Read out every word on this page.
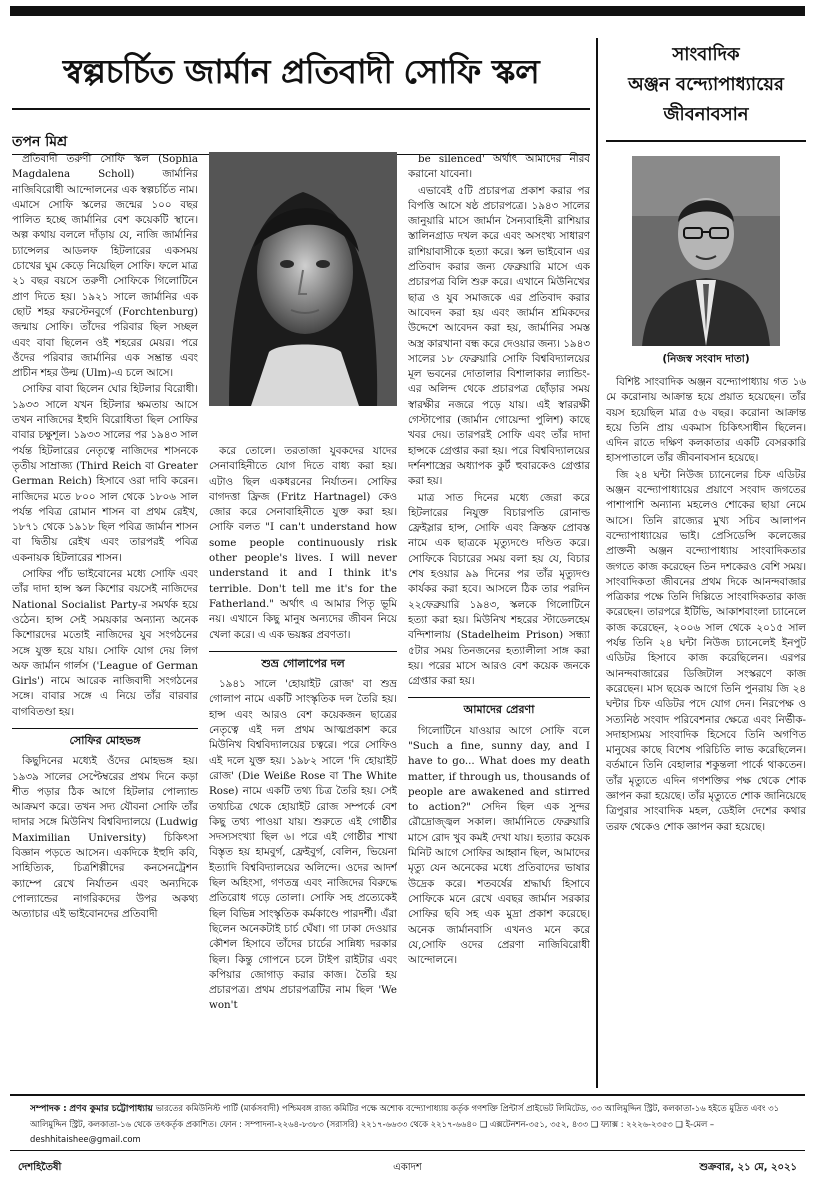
স্বল্পচর্চিত জার্মান প্রতিবাদী সোফি স্কল
তপন মিশ্র

প্রতিবাদী তরুণী সোফি স্কল (Sophia Magdalena Scholl) জার্মানির নাজিবিরোধী আন্দোলনের এক স্বল্পচর্চিত নাম। এমাসে সোফি স্কলের জন্মের ১০০ বছর পালিত হচ্ছে জার্মানির বেশ কয়েকটি স্থানে। অল্প কথায় বললে দাঁড়ায় যে, নাজি জার্মানির চ্যান্সেলর আডলফ হিটলারের একসময় চোখের ঘুম কেড়ে নিয়েছিল সোফি। ফলে মাত্র ২১ বছর বয়সে তরুণী সোফিকে গিলোটিনে প্রাণ দিতে হয়। ১৯২১ সালে জার্মানির এক ছোট শহর ফরস্টেনবুর্গে (Forchtenburg) জন্মায় সোফি। তাঁদের পরিবার ছিল সচ্ছল এবং বাবা ছিলেন ওই শহরের মেয়র। পরে ওঁদের পরিবার জার্মানির এক সম্ভ্রান্ত এবং প্রাচীন শহর উল্ম (Ulm)-এ চলে আসে।

সোফির বাবা ছিলেন ঘোর হিটলার বিরোধী। ১৯৩৩ সালে যখন হিটলার ক্ষমতায় আসে তখন নাজিদের ইহুদি বিরোধিতা ছিল সোফির বাবার চক্ষুশূল। ১৯৩৩ সালের পর ১৯৪৩ সাল পর্যন্ত হিটলারের নেতৃত্বে নাজিদের শাসনকে তৃতীয় সাম্রাজ্য (Third Reich বা Greater German Reich) হিসাবে ওরা দাবি করেন। নাজিদের মতে ৮০০ সাল থেকে ১৮০৬ সাল পর্যন্ত পবিত্র রোমান শাসন বা প্রথম রেইখ, ১৮৭১ থেকে ১৯১৮ ছিল পবিত্র জার্মান শাসন বা দ্বিতীয় রেইখ এবং তারপরই পবিত্র একনায়ক হিটলারের শাসন।

সোফির পাঁচ ভাইবোনের মধ্যে সোফি এবং তাঁর দাদা হান্স স্কল কিশোর বয়সেই নাজিদের National Socialist Party-র সমর্থক হয়ে ওঠেন। হান্স সেই সময়কার অন্যান্য অনেক কিশোরদের মতোই নাজিদের যুব সংগঠনের সঙ্গে যুক্ত হয়ে যায়। সোফি যোগ দেয় লিগ অফ জার্মান গার্লস ('League of German Girls') নামে আরেক নাজিবাদী সংগঠনের সঙ্গে। বাবার সঙ্গে এ নিয়ে তাঁর বারবার বাগবিতণ্ডা হয়।

সোফির মোহভঙ্গ

কিছুদিনের মধ্যেই ওঁদের মোহভঙ্গ হয়। ১৯৩৯ সালের সেপ্টেম্বরের প্রথম দিনে কড়া শীত পড়ার ঠিক আগে হিটলার পোল্যান্ড আক্রমণ করে। তখন সদ্য যৌবনা সোফি তাঁর দাদার সঙ্গে মিউনিখ বিশ্ববিদ্যালয়ে (Ludwig Maximilian University) চিকিৎসা বিজ্ঞান পড়তে আসেন। একদিকে ইহুদি কবি, সাহিত্যিক, চিত্রশিল্পীদের কনসেনট্রেশন ক্যাম্পে রেখে নির্যাতন এবং অন্যদিকে পোল্যান্ডের নাগরিকদের উপর অকথ্য অত্যাচার এই ভাইবোনদের প্রতিবাদী

করে তোলে। তরতাজা যুবকদের যাদের সেনাবাহিনীতে যোগ দিতে বাধ্য করা হয়। এটাও ছিল একধরনের নির্যাতন। সোফির বাগদত্তা ফ্রিজ (Fritz Hartnagel) কেও জোর করে সেনাবাহিনীতে যুক্ত করা হয়। সোফি বলত "I can't understand how some people continuously risk other people's lives. I will never understand it and I think it's terrible. Don't tell me it's for the Fatherland." অর্থাৎ এ আমার পিতৃ ভূমি নয়। এখানে কিছু মানুষ অন্যদের জীবন নিয়ে খেলা করে। এ এক ভয়ঙ্কর প্রবণতা।

শুভ্র গোলাপের দল

১৯৪১ সালে 'হোয়াইট রোজ' বা শুভ্র গোলাপ নামে একটি সাংস্কৃতিক দল তৈরি হয়। হান্স এবং আরও বেশ কয়েকজন ছাত্রের নেতৃত্বে এই দল প্রথম আত্মপ্রকাশ করে মিউনিখ বিশ্ববিদ্যালয়ের চত্বরে। পরে সোফিও এই দলে যুক্ত হয়। ১৯৮২ সালে 'দি হোয়াইট রোজ' (Die Weiße Rose বা The White Rose) নামে একটি তথ্য চিত্র তৈরি হয়। সেই তথ্যচিত্র থেকে হোয়াইট রোজ সম্পর্কে বেশ কিছু তথ্য পাওয়া যায়। শুরুতে এই গোষ্ঠীর সদস্যসংখ্যা ছিল ৬। পরে এই গোষ্ঠীর শাখা বিস্তৃত হয় হামবুর্গ, ফ্রেইবুর্গ, বেলিন, ভিয়েনা ইত্যাদি বিশ্ববিদ্যালয়ের অলিন্দে। ওদের আদর্শ ছিল অহিংসা, গণতন্ত্র এবং নাজিদের বিরুদ্ধে প্রতিরোধ গড়ে তোলা। সোফি সহ প্রত্যেকেই ছিল বিভিন্ন সাংস্কৃতিক কর্মকাণ্ডে পারদর্শী। এঁরা ছিলেন অনেকটাই চার্চ ঘেঁষা। গা ঢাকা দেওয়ার কৌশল হিসাবে তাঁদের চার্চের সান্নিধ্য দরকার ছিল। কিন্তু গোপনে চলে টাইপ রাইটার এবং কপিয়ার জোগাড় করার কাজ। তৈরি হয় প্রচারপত্র। প্রথম প্রচারপত্রটির নাম ছিল 'We won't

be silenced' অর্থাৎ আমাদের নীরব করানো যাবেনা।

এভাবেই ৫টি প্রচারপত্র প্রকাশ করার পর বিপত্তি আসে ষষ্ঠ প্রচারপত্রে। ১৯৪৩ সালের জানুয়ারি মাসে জার্মান সৈন্যবাহিনী রাশিয়ার স্তালিনগ্রাড দখল করে এবং অসংখ্য সাধারণ রাশিয়াবাসীকে হত্যা করে। স্কল ভাইবোন এর প্রতিবাদ করার জন্য ফেব্রুয়ারি মাসে এক প্রচারপত্র বিলি শুরু করে। এখানে মিউনিখের ছাত্র ও যুব সমাজকে এর প্রতিবাদ করার আবেদন করা হয় এবং জার্মান শ্রমিকদের উদ্দেশে আবেদন করা হয়, জার্মানির সমস্ত অস্ত্র কারখানা বন্ধ করে দেওয়ার জন্য। ১৯৪৩ সালের ১৮ ফেব্রুয়ারি সোফি বিশ্ববিদ্যালয়ের মূল ভবনের দোতালার বিশালাকার ল্যান্ডিং-এর অলিন্দ থেকে প্রচারপত্র ছোঁড়ার সময় স্বারক্ষীর নজরে পড়ে যায়। এই স্বাররক্ষী গেস্টাপোর (জার্মান গোয়েন্দা পুলিশ) কাছে খবর দেয়। তারপরই সোফি এবং তাঁর দাদা হান্সকে গ্রেপ্তার করা হয়। পরে বিশ্ববিদ্যালয়ের দর্শনশাস্ত্রের অধ্যাপক কুর্ট হুবারকেও গ্রেপ্তার করা হয়।

মাত্র সাত দিনের মধ্যে জেরা করে হিটলারের নিযুক্ত বিচারপতি রোনাল্ড ফ্রেইস্লার হান্স, সোফি এবং ক্রিস্তফ প্রোবস্ত নামে এক ছাত্রকে মৃত্যুদণ্ডে দণ্ডিত করে। সোফিকে বিচারের সময় বলা হয় যে, বিচার শেষ হওয়ার ৯৯ দিনের পর তাঁর মৃত্যুদণ্ড কার্যকর করা হবে। আসলে ঠিক তার পরদিন ২২ফেব্রুয়ারি ১৯৪৩, স্কলকে গিলোটিনে হত্যা করা হয়। মিউনিখ শহরের স্টাডেলহেম বন্দিশালায় (Stadelheim Prison) সন্ধ্যা ৫টার সময় তিনজনের হত্যালীলা সাঙ্গ করা হয়। পরের মাসে আরও বেশ কয়েক জনকে গ্রেপ্তার করা হয়।

আমাদের প্রেরণা

গিলোটিনে যাওয়ার আগে সোফি বলে "Such a fine, sunny day, and I have to go... What does my death matter, if through us, thousands of people are awakened and stirred to action?" সেদিন ছিল এক সুন্দর রৌদ্রোজ্জ্বল সকাল। জার্মানিতে ফেব্রুয়ারি মাসে রোদ খুব কমই দেখা যায়। হত্যার কয়েক মিনিট আগে সোফির আহ্বান ছিল, আমাদের মৃত্যু যেন অনেকের মধ্যে প্রতিবাদের ভাষার উদ্রেক করে। শতবর্ষের শ্রদ্ধার্ঘ্য হিসাবে সোফিকে মনে রেখে এবছর জার্মান সরকার সোফির ছবি সহ এক মুদ্রা প্রকাশ করেছে। অনেক জার্মানবাসি এখনও মনে করে যে,সোফি ওদের প্রেরণা নাজিবিরোধী আন্দোলনে।

সাংবাদিক
অঞ্জন বন্দ্যোপাধ্যায়ের
জীবনাবসান
(নিজস্ব সংবাদ দাতা)

বিশিষ্ট সাংবাদিক অঞ্জন বন্দ্যোপাধ্যায় গত ১৬ মে করোনায় আক্রান্ত হয়ে প্রয়াত হয়েছেন। তাঁর বয়স হয়েছিল মাত্র ৫৬ বছর। করোনা আক্রান্ত হয়ে তিনি প্রায় একমাস চিকিৎসাধীন ছিলেন। এদিন রাতে দক্ষিণ কলকাতার একটি বেসরকারি হাসপাতালে তাঁর জীবনাবসান হয়েছে।

জি ২৪ ঘন্টা নিউজ চ্যানেলের চিফ এডিটর অঞ্জন বন্দ্যোপাধ্যায়ের প্রয়াণে সংবাদ জগতের পাশাপাশি অন্যান্য মহলেও শোকের ছায়া নেমে আসে। তিনি রাজ্যের মুখ্য সচিব আলাপন বন্দ্যোপাধ্যায়ের ভাই। প্রেসিডেন্সি কলেজের প্রাক্তনী অঞ্জন বন্দ্যোপাধ্যায় সাংবাদিকতার জগতে কাজ করেছেন তিন দশকেরও বেশি সময়। সাংবাদিকতা জীবনের প্রথম দিকে আনন্দবাজার পত্রিকার পক্ষে তিনি দিল্লিতে সাংবাদিকতার কাজ করেছেন। তারপরে ইটিভি, আকাশবাংলা চ্যানেলে কাজ করেছেন, ২০০৬ সাল থেকে ২০১৫ সাল পর্যন্ত তিনি ২৪ ঘন্টা নিউজ চ্যানেলেই ইনপুট এডিটর হিসাবে কাজ করেছিলেন। এরপর আনন্দবাজারের ডিজিটাল সংস্করণে কাজ করেছেন। মাস ছয়েক আগে তিনি পুনরায় জি ২৪ ঘন্টার চিফ এডিটর পদে যোগ দেন। নিরপেক্ষ ও সত্যনিষ্ঠ সংবাদ পরিবেশনার ক্ষেত্রে এবং নির্ভীক-সদাহাস্যময় সাংবাদিক হিসেবে তিনি অগণিত মানুষের কাছে বিশেষ পরিচিতি লাভ করেছিলেন। বর্তমানে তিনি বেহালার শকুন্তলা পার্কে থাকতেন। তাঁর মৃত্যুতে এদিন গণশক্তির পক্ষ থেকে শোক জ্ঞাপন করা হয়েছে। তাঁর মৃত্যুতে শোক জানিয়েছে ত্রিপুরার সাংবাদিক মহল, ডেইলি দেশের কথার তরফ থেকেও শোক জ্ঞাপন করা হয়েছে।

সম্পাদক : প্রণব কুমার চট্টোপাধ্যায় ভারতের কমিউনিস্ট পার্টি (মার্কসবাদী) পশ্চিমবঙ্গ রাজ্য কমিটির পক্ষে অশোক বন্দ্যোপাধ্যায় কর্তৃক গণশক্তি প্রিন্টার্স প্রাইভেট লিমিটেড, ৩৩ আলিমুদ্দিন স্ট্রিট, কলকাতা-১৬ হইতে মুদ্রিত এবং ৩১ আলিমুদ্দিন স্ট্রিট, কলকাতা-১৬ থেকে তৎকর্তৃক প্রকাশিত। ফোন : সম্পাদনা-২২৬৪-৮৩৮৩ (সরাসরি) ২২১৭-৬৬৩৩ থেকে ২২১৭-৬৬৪০ ❑ এক্সটেনশন-৩৫১, ৩৫২, ৪৩৩ ❑ ফ্যাক্স : ২২২৬-২৩৫৩ ❑ ই-মেল – deshhitaishee@gmail.com
দেশহিতৈষী	একাদশ	শুক্রবার, ২১ মে, ২০২১
